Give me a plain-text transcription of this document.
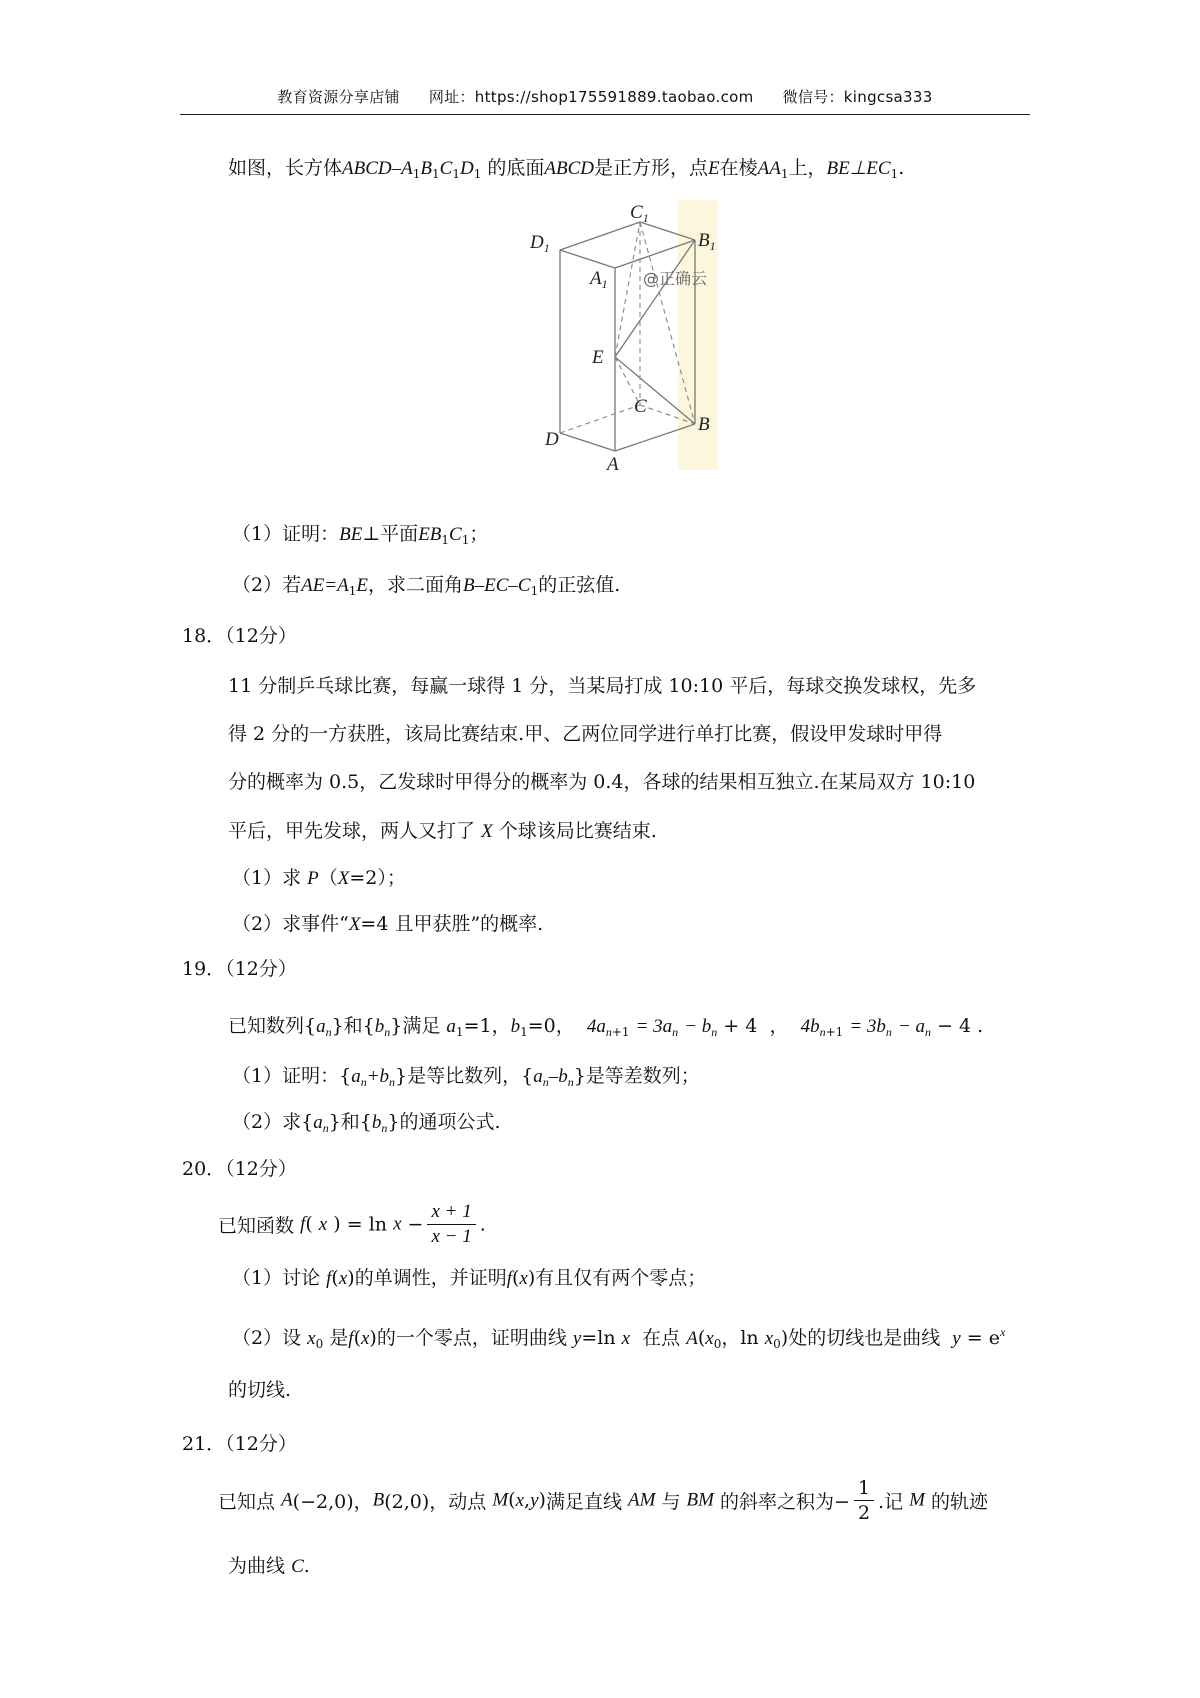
教育资源分享店铺 网址：https://shop175591889.taobao.com 微信号：kingcsa333
如图，长方体ABCD–$A_1B_1C_1D_1$ 的底面ABCD是正方形，点E在棱$AA_1$上，$BE\perp EC_1$.
$C_1$
$D_1$	$B_1$
$A_1$
E
C
B
D
A
@正确云
（1）证明：BE⊥平面$EB_1C_1$；
（2）若$AE=A_1E$，求二面角$B-EC-C_1$的正弦值.
18．（12分）
11 分制乒乓球比赛，每赢一球得 1 分，当某局打成 10:10 平后，每球交换发球权，先多
得 2 分的一方获胜，该局比赛结束.甲、乙两位同学进行单打比赛，假设甲发球时甲得
分的概率为 0.5，乙发球时甲得分的概率为 0.4，各球的结果相互独立.在某局双方 10:10
平后，甲先发球，两人又打了 X 个球该局比赛结束.
（1）求 P（X=2）；
（2）求事件“X=4 且甲获胜”的概率.
19．（12分）
已知数列$\{a_n\}$和$\{b_n\}$满足 $a_1=1$，$b_1=0$， $4a_{n+1} = 3a_n - b_n + 4$  ，  $4b_{n+1} = 3b_n - a_n - 4$ .
（1）证明：$\{a_n+b_n\}$是等比数列，$\{a_n-b_n\}$是等差数列；
（2）求$\{a_n\}$和$\{b_n\}$的通项公式.
20．（12分）
已知函数 f( x ) = $\ln x - \frac{x + 1}{x - 1}$ .
（1）讨论 f(x)的单调性，并证明f(x)有且仅有两个零点；
（2）设 $x_0$ 是f(x)的一个零点，证明曲线 y=ln x 在点 $A(x_0$，$\ln x_0$)处的切线也是曲线 $y = e^x$
的切线.
21．（12分）
已知点 A(−2,0)，B(2,0)，动点 M(x,y)满足直线 AM 与 BM 的斜率之积为− $\frac{1}{2}$ .记 M 的轨迹
为曲线 C.
